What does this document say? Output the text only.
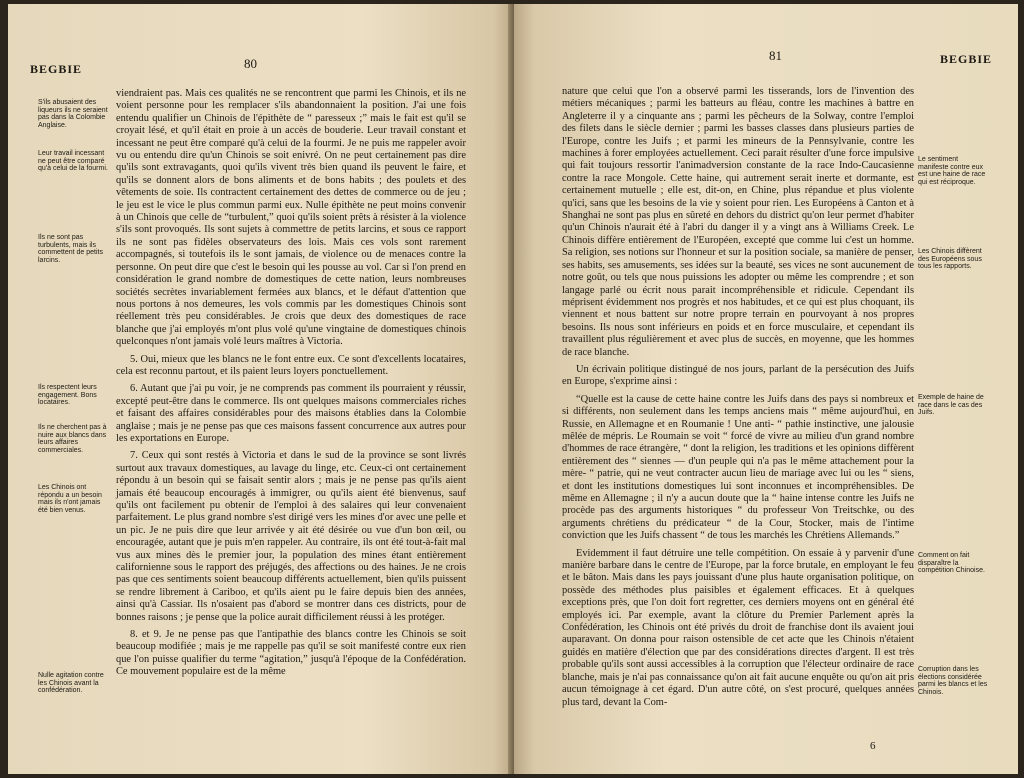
BEGBIE	80
S'ils abusaient des liqueurs ils ne seraient pas dans la Colombie Anglaise.
Leur travail incessant ne peut être comparé qu'à celui de la fourmi.
Ils ne sont pas turbulents, mais ils commettent de petits larcins.
Ils respectent leurs engagement. Bons locataires.
Ils ne cherchent pas à nuire aux blancs dans leurs affaires commerciales.
Les Chinois ont répondu a un besoin mais ils n'ont jamais été bien venus.
Nulle agitation contre les Chinois avant la confédération.

viendraient pas. Mais ces qualités ne se rencontrent que parmi les Chinois, et ils ne voient personne pour les remplacer s'ils abandonnaient la position. J'ai une fois entendu qualifier un Chinois de l'épithète de “ paresseux ;” mais le fait est qu'il se croyait lésé, et qu'il était en proie à un accès de bouderie. Leur travail constant et incessant ne peut être comparé qu'à celui de la fourmi. Je ne puis me rappeler avoir vu ou entendu dire qu'un Chinois se soit enivré. On ne peut certainement pas dire qu'ils sont extravagants, quoi qu'ils vivent très bien quand ils peuvent le faire, et qu'ils se donnent alors de bons aliments et de bons habits ; des poulets et des vêtements de soie. Ils contractent certainement des dettes de commerce ou de jeu ; le jeu est le vice le plus commun parmi eux. Nulle épithète ne peut moins convenir à un Chinois que celle de “turbulent,” quoi qu'ils soient prêts à résister à la violence s'ils sont provoqués. Ils sont sujets à commettre de petits larcins, et sous ce rapport ils ne sont pas fidèles observateurs des lois. Mais ces vols sont rarement accompagnés, si toutefois ils le sont jamais, de violence ou de menaces contre la personne. On peut dire que c'est le besoin qui les pousse au vol. Car si l'on prend en considération le grand nombre de domestiques de cette nation, leurs nombreuses sociétés secrètes invariablement fermées aux blancs, et le défaut d'attention que nous portons à nos demeures, les vols commis par les domestiques Chinois sont réellement très peu considérables. Je crois que deux des domestiques de race blanche que j'ai employés m'ont plus volé qu'une vingtaine de domestiques chinois quelconques n'ont jamais volé leurs maîtres à Victoria.

5. Oui, mieux que les blancs ne le font entre eux. Ce sont d'excellents locataires, cela est reconnu partout, et ils paient leurs loyers ponctuellement.

6. Autant que j'ai pu voir, je ne comprends pas comment ils pourraient y réussir, excepté peut-être dans le commerce. Ils ont quelques maisons commerciales riches et faisant des affaires considérables pour des maisons établies dans la Colombie anglaise ; mais je ne pense pas que ces maisons fassent concurrence aux autres pour les exportations en Europe.

7. Ceux qui sont restés à Victoria et dans le sud de la province se sont livrés surtout aux travaux domestiques, au lavage du linge, etc. Ceux-ci ont certainement répondu à un besoin qui se faisait sentir alors ; mais je ne pense pas qu'ils aient jamais été beaucoup encouragés à immigrer, ou qu'ils aient été bienvenus, sauf qu'ils ont facilement pu obtenir de l'emploi à des salaires qui leur convenaient parfaitement. Le plus grand nombre s'est dirigé vers les mines d'or avec une pelle et un pic. Je ne puis dire que leur arrivée y ait été désirée ou vue d'un bon œil, ou encouragée, autant que je puis m'en rappeler. Au contraire, ils ont été tout-à-fait mal vus aux mines dès le premier jour, la population des mines étant entièrement californienne sous le rapport des préjugés, des affections ou des haines. Je ne crois pas que ces sentiments soient beaucoup différents actuellement, bien qu'ils puissent se rendre librement à Cariboo, et qu'ils aient pu le faire depuis bien des années, ainsi qu'à Cassiar. Ils n'osaient pas d'abord se montrer dans ces districts, pour de bonnes raisons ; je pense que la police aurait difficilement réussi à les protéger.

8. et 9. Je ne pense pas que l'antipathie des blancs contre les Chinois se soit beaucoup modifiée ; mais je me rappelle pas qu'il se soit manifesté contre eux rien que l'on puisse qualifier du terme “agitation,” jusqu'à l'époque de la Confédération. Ce mouvement populaire est de la même

81	BEGBIE

nature que celui que l'on a observé parmi les tisserands, lors de l'invention des métiers mécaniques ; parmi les batteurs au fléau, contre les machines à battre en Angleterre il y a cinquante ans ; parmi les pêcheurs de la Solway, contre l'emploi des filets dans le siècle dernier ; parmi les basses classes dans plusieurs parties de l'Europe, contre les Juifs ; et parmi les mineurs de la Pennsylvanie, contre les machines à forer employées actuellement. Ceci parait résulter d'une force impulsive qui fait toujours ressortir l'animadversion constante de la race Indo-Caucasienne contre la race Mongole. Cette haine, qui autrement serait inerte et dormante, est certainement mutuelle ; elle est, dit-on, en Chine, plus répandue et plus violente qu'ici, sans que les besoins de la vie y soient pour rien. Les Européens à Canton et à Shanghai ne sont pas plus en sûreté en dehors du district qu'on leur permet d'habiter qu'un Chinois n'aurait été à l'abri du danger il y a vingt ans à Williams Creek. Le Chinois diffère entièrement de l'Européen, excepté que comme lui c'est un homme. Sa religion, ses notions sur l'honneur et sur la position sociale, sa manière de penser, ses habits, ses amusements, ses idées sur la beauté, ses vices ne sont aucunement de notre goût, ou tels que nous puissions les adopter ou même les comprendre ; et son langage parlé ou écrit nous parait incompréhensible et ridicule. Cependant ils méprisent évidemment nos progrès et nos habitudes, et ce qui est plus choquant, ils viennent et nous battent sur notre propre terrain en pourvoyant à nos propres besoins. Ils nous sont inférieurs en poids et en force musculaire, et cependant ils travaillent plus régulièrement et avec plus de succès, en moyenne, que les hommes de race blanche.

Un écrivain politique distingué de nos jours, parlant de la persécution des Juifs en Europe, s'exprime ainsi :

“Quelle est la cause de cette haine contre les Juifs dans des pays si nombreux et si différents, non seulement dans les temps anciens mais “ même aujourd'hui, en Russie, en Allemagne et en Roumanie ! Une anti- “ pathie instinctive, une jalousie mêlée de mépris. Le Roumain se voit “ forcé de vivre au milieu d'un grand nombre d'hommes de race étrangère, “ dont la religion, les traditions et les opinions diffèrent entièrement des “ siennes — d'un peuple qui n'a pas le même attachement pour la mère- “ patrie, qui ne veut contracter aucun lieu de mariage avec lui ou les “ siens, et dont les institutions domestiques lui sont inconnues et incompréhensibles. De même en Allemagne ; il n'y a aucun doute que la “ haine intense contre les Juifs ne procède pas des arguments historiques “ du professeur Von Treitschke, ou des arguments chrétiens du prédicateur “ de la Cour, Stocker, mais de l'intime conviction que les Juifs chassent “ de tous les marchés les Chrétiens Allemands.”

Evidemment il faut détruire une telle compétition. On essaie à y parvenir d'une manière barbare dans le centre de l'Europe, par la force brutale, en employant le feu et le bâton. Mais dans les pays jouissant d'une plus haute organisation politique, on possède des méthodes plus paisibles et également efficaces. Et à quelques exceptions près, que l'on doit fort regretter, ces derniers moyens ont en général été employés ici. Par exemple, avant la clôture du Premier Parlement après la Confédération, les Chinois ont été privés du droit de franchise dont ils avaient joui auparavant. On donna pour raison ostensible de cet acte que les Chinois n'étaient guidés en matière d'élection que par des considérations directes d'argent. Il est très probable qu'ils sont aussi accessibles à la corruption que l'électeur ordinaire de race blanche, mais je n'ai pas connaissance qu'on ait fait aucune enquête ou qu'on ait pris aucun témoignage à cet égard. D'un autre côté, on s'est procuré, quelques années plus tard, devant la Com-

Le sentiment manifeste contre eux est une haine de race qui est réciproque.
Les Chinois diffèrent des Européens sous tous les rapports.
Exemple de haine de race dans le cas des Juifs.
Comment on fait disparaître la compétition Chinoise.
Corruption dans les élections considérée parmi les blancs et les Chinois.
6
